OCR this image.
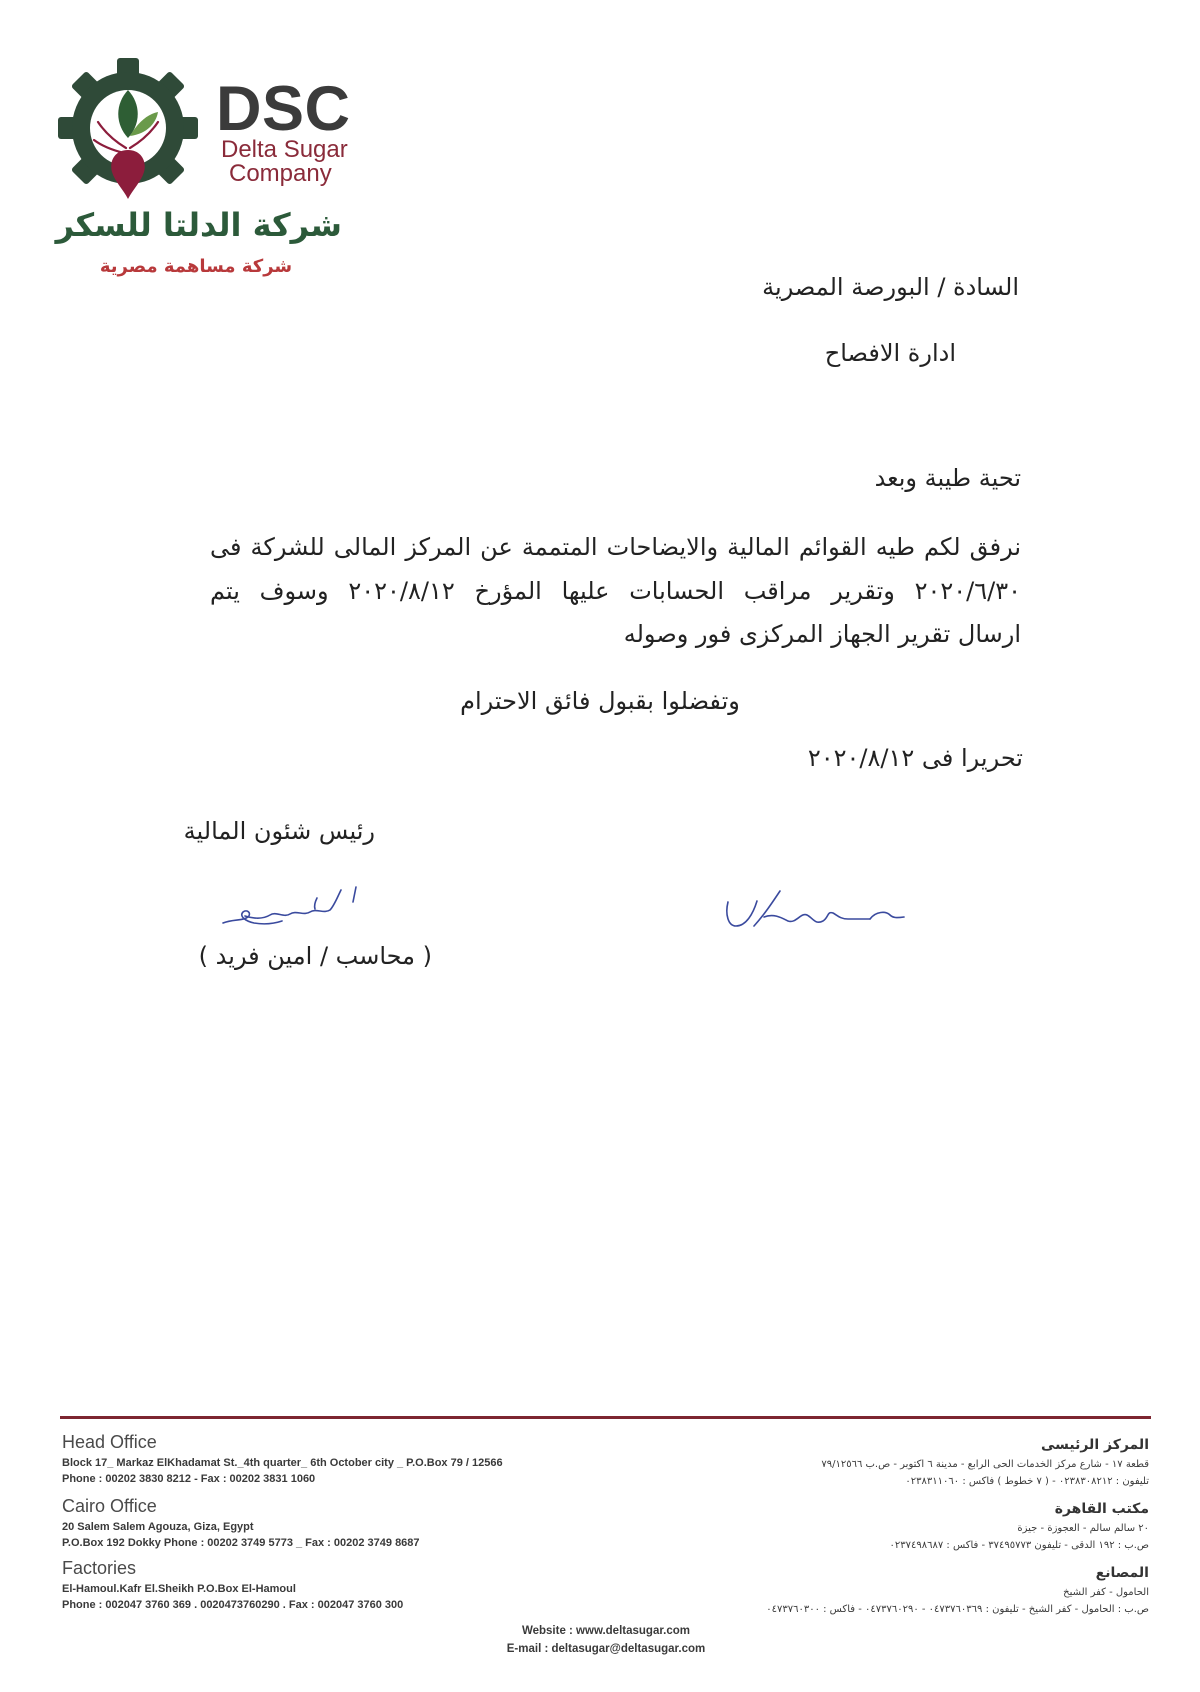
DSC
Delta Sugar
Company
شركة الدلتا للسكر
شركة مساهمة مصرية
السادة / البورصة المصرية
ادارة الافصاح
تحية طيبة وبعد
نرفق لكم طيه القوائم المالية والايضاحات المتممة عن المركز المالى للشركة فى
٢٠٢٠/٦/٣٠ وتقرير مراقب الحسابات عليها المؤرخ ٢٠٢٠/٨/١٢ وسوف يتم
ارسال تقرير الجهاز المركزى فور وصوله
وتفضلوا بقبول فائق الاحترام
تحريرا فى ٢٠٢٠/٨/١٢
رئيس شئون المالية
( محاسب / امين فريد )
Head Office
Block 17_ Markaz ElKhadamat St._4th quarter_ 6th October city _ P.O.Box 79 / 12566
Phone : 00202 3830 8212 - Fax : 00202 3831 1060
Cairo Office
20 Salem Salem Agouza, Giza, Egypt
P.O.Box 192 Dokky Phone : 00202 3749 5773 _ Fax : 00202 3749 8687
Factories
El-Hamoul.Kafr El.Sheikh P.O.Box El-Hamoul
Phone : 002047 3760 369 . 0020473760290 . Fax : 002047 3760 300
المركز الرئيسى
قطعة ١٧ - شارع مركز الخدمات الحى الرابع - مدينة ٦ اكتوبر - ص.ب ٧٩/١٢٥٦٦
تليفون : ٠٢٣٨٣٠٨٢١٢ - ( ٧ خطوط ) فاكس : ٠٢٣٨٣١١٠٦٠
مكتب القاهرة
٢٠ سالم سالم - العجوزة - جيزة
ص.ب : ١٩٢ الدقى - تليفون ٣٧٤٩٥٧٧٣ - فاكس : ٠٢٣٧٤٩٨٦٨٧
المصانع
الحامول - كفر الشيخ
ص.ب : الحامول - كفر الشيخ - تليفون : ٠٤٧٣٧٦٠٣٦٩ - ٠٤٧٣٧٦٠٢٩٠ - فاكس : ٠٤٧٣٧٦٠٣٠٠
Website : www.deltasugar.com
E-mail : deltasugar@deltasugar.com
